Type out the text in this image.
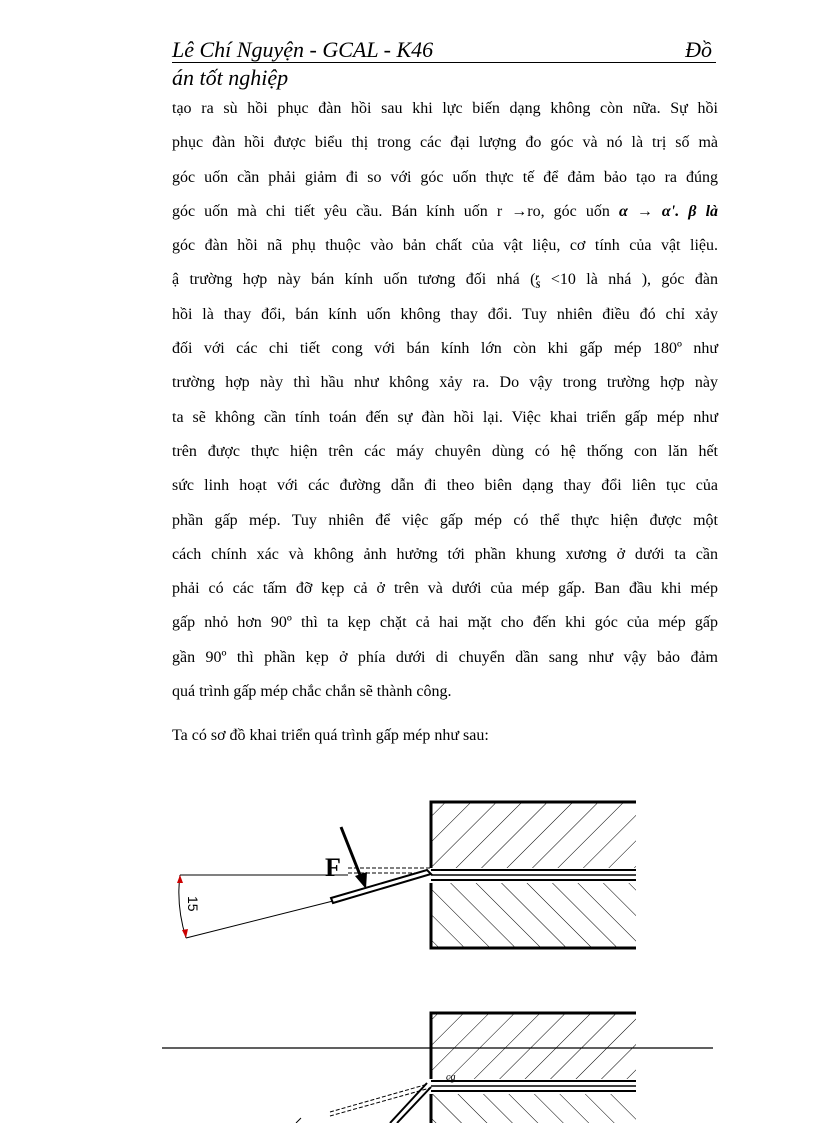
Lê Chí Nguyện - GCAL - K46	Đồ
án tốt nghiệp

tạo ra sù hồi phục đàn hồi sau khi lực biến dạng không còn nữa. Sự hồi

phục đàn hồi được biểu thị trong các đại lượng đo góc và nó là trị số mà

góc uốn cần phải giảm đi so với góc uốn thực tế để đảm bảo tạo ra đúng

góc uốn mà chi tiết yêu cầu. Bán kính uốn r →ro, góc uốn α → α'. β là

góc đàn hồi nã phụ thuộc vào bản chất của vật liệu, cơ tính của vật liệu.

ậ trường hợp này bán kính uốn tương đối nhá ( r
S <10 là nhá ), góc đàn

hồi là thay đổi, bán kính uốn không thay đổi. Tuy nhiên điều đó chỉ xảy

đối với các chi tiết cong với bán kính lớn còn khi gấp mép 180º như

trường hợp này thì hầu như không xảy ra. Do vậy trong trường hợp này

ta sẽ không cần tính toán đến sự đàn hồi lại. Việc khai triển gấp mép như

trên được thực hiện trên các máy chuyên dùng có hệ thống con lăn hết

sức linh hoạt với các đường dẫn đi theo biên dạng thay đổi liên tục của

phần gấp mép. Tuy nhiên để việc gấp mép có thể thực hiện được một

cách chính xác và không ảnh hưởng tới phần khung xương ở dưới ta cần

phải có các tấm đỡ kẹp cả ở trên và dưới của mép gấp. Ban đầu khi mép

gấp nhỏ hơn 90º thì ta kẹp chặt cả hai mặt cho đến khi góc của mép gấp

gần 90º thì phần kẹp ở phía dưới di chuyển dần sang như vậy bảo đảm

quá trình gấp mép chắc chắn sẽ thành công.

Ta có sơ đồ khai triển quá trình gấp mép như sau:

F
15
cg
